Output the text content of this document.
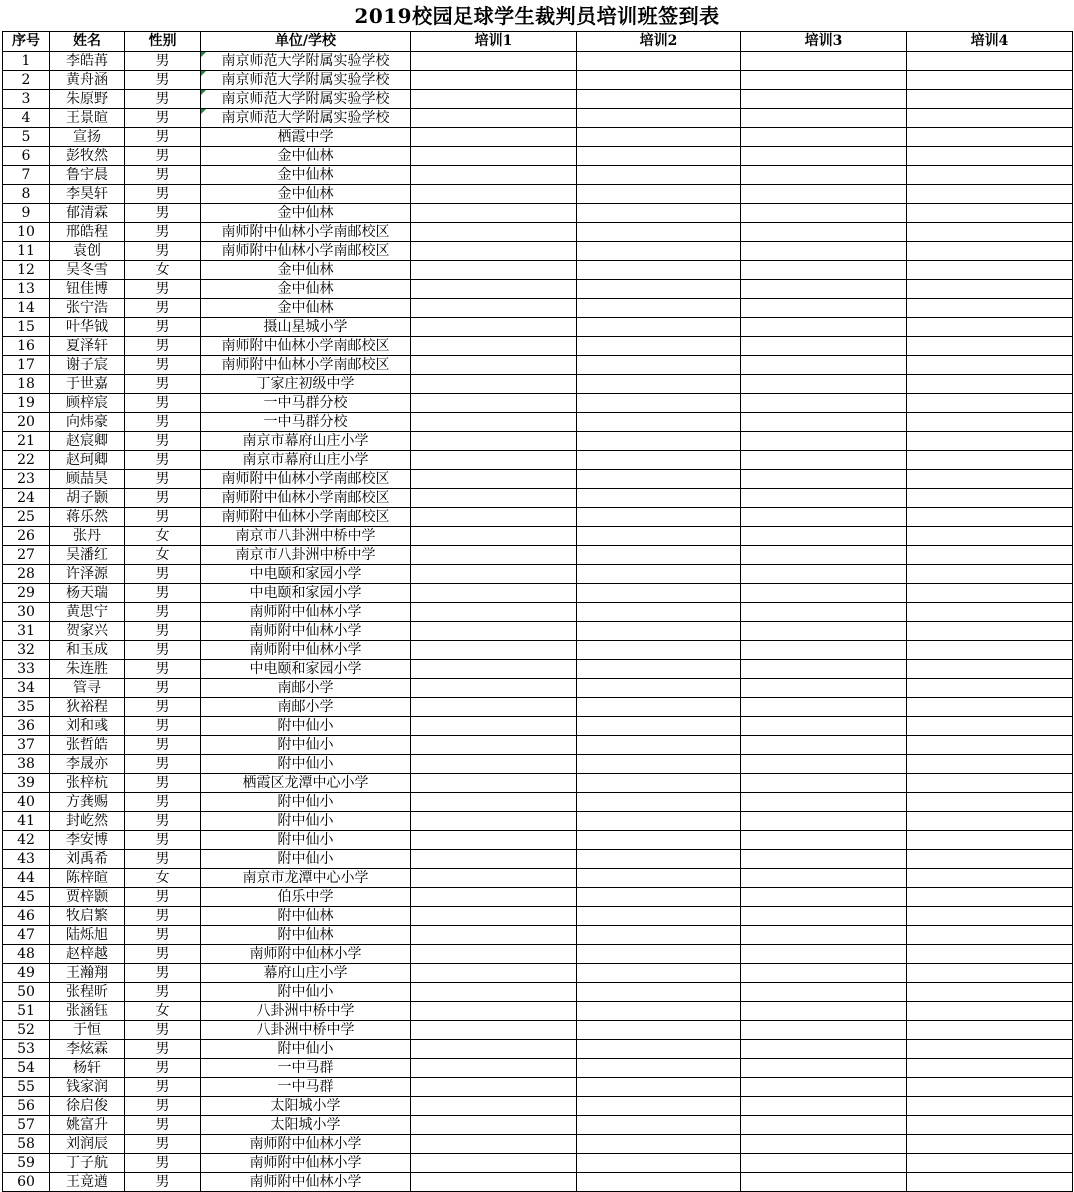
2019校园足球学生裁判员培训班签到表
序号	姓名	性别	单位/学校	培训1	培训2	培训3	培训4
1	李皓苒	男	南京师范大学附属实验学校

2	黄舟涵	男	南京师范大学附属实验学校

3	朱原野	男	南京师范大学附属实验学校

4	王景暄	男	南京师范大学附属实验学校

5	宣扬	男	栖霞中学				
6	彭牧然	男	金中仙林				
7	鲁宇晨	男	金中仙林				
8	李昊轩	男	金中仙林				
9	郁清霖	男	金中仙林				
10	邢皓程	男	南师附中仙林小学南邮校区				
11	袁创	男	南师附中仙林小学南邮校区				
12	吴冬雪	女	金中仙林				
13	钮佳博	男	金中仙林				
14	张宁浩	男	金中仙林				
15	叶华钺	男	摄山星城小学				
16	夏泽轩	男	南师附中仙林小学南邮校区				
17	谢子宸	男	南师附中仙林小学南邮校区				
18	于世嘉	男	丁家庄初级中学				
19	顾梓宸	男	一中马群分校				
20	向炜豪	男	一中马群分校				
21	赵宸卿	男	南京市幕府山庄小学				
22	赵珂卿	男	南京市幕府山庄小学				
23	顾喆昊	男	南师附中仙林小学南邮校区				
24	胡子颢	男	南师附中仙林小学南邮校区				
25	蒋乐然	男	南师附中仙林小学南邮校区				
26	张丹	女	南京市八卦洲中桥中学				
27	吴潘红	女	南京市八卦洲中桥中学				
28	许泽源	男	中电颐和家园小学				
29	杨天瑞	男	中电颐和家园小学				
30	黄思宁	男	南师附中仙林小学				
31	贺家兴	男	南师附中仙林小学				
32	和玉成	男	南师附中仙林小学				
33	朱连胜	男	中电颐和家园小学				
34	管寻	男	南邮小学				
35	狄裕程	男	南邮小学				
36	刘和彧	男	附中仙小				
37	张哲皓	男	附中仙小				
38	李晟亦	男	附中仙小				
39	张梓杭	男	栖霞区龙潭中心小学				
40	方龚赐	男	附中仙小				
41	封屹然	男	附中仙小				
42	李安博	男	附中仙小				
43	刘禹希	男	附中仙小				
44	陈梓暄	女	南京市龙潭中心小学				
45	贾梓颢	男	伯乐中学				
46	牧启繁	男	附中仙林				
47	陆烁旭	男	附中仙林				
48	赵梓越	男	南师附中仙林小学				
49	王瀚翔	男	幕府山庄小学				
50	张程昕	男	附中仙小				
51	张涵钰	女	八卦洲中桥中学				
52	于恒	男	八卦洲中桥中学				
53	李炫霖	男	附中仙小				
54	杨轩	男	一中马群				
55	钱家润	男	一中马群				
56	徐启俊	男	太阳城小学				
57	姚富升	男	太阳城小学				
58	刘润辰	男	南师附中仙林小学				
59	丁子航	男	南师附中仙林小学				
60	王竟遒	男	南师附中仙林小学				
